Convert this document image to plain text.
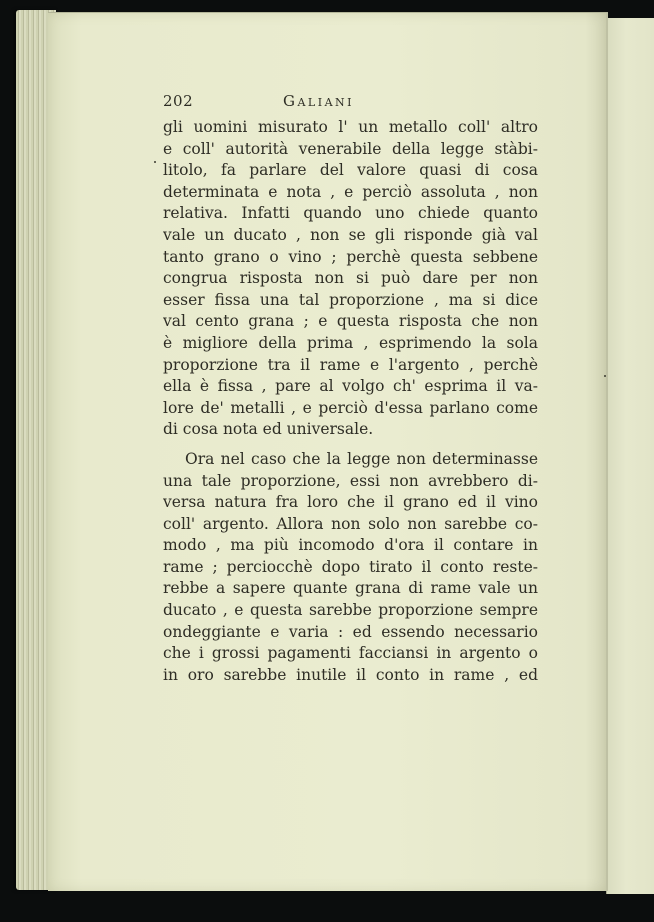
202	Galiani
gli uomini misurato l' un metallo coll' altro
e coll' autorità venerabile della legge stàbi-
litolo, fa parlare del valore quasi di cosa
determinata e nota , e perciò assoluta , non
relativa. Infatti quando uno chiede quanto
vale un ducato , non se gli risponde già val
tanto grano o vino ; perchè questa sebbene
congrua risposta non si può dare per non
esser fissa una tal proporzione , ma si dice
val cento grana ; e questa risposta che non
è migliore della prima , esprimendo la sola
proporzione tra il rame e l'argento , perchè
ella è fissa , pare al volgo ch' esprima il va-
lore de' metalli , e perciò d'essa parlano come
di cosa nota ed universale.
Ora nel caso che la legge non determinasse
una tale proporzione, essi non avrebbero di-
versa natura fra loro che il grano ed il vino
coll' argento. Allora non solo non sarebbe co-
modo , ma più incomodo d'ora il contare in
rame ; perciocchè dopo tirato il conto reste-
rebbe a sapere quante grana di rame vale un
ducato , e questa sarebbe proporzione sempre
ondeggiante e varia : ed essendo necessario
che i grossi pagamenti facciansi in argento o
in oro sarebbe inutile il conto in rame , ed
